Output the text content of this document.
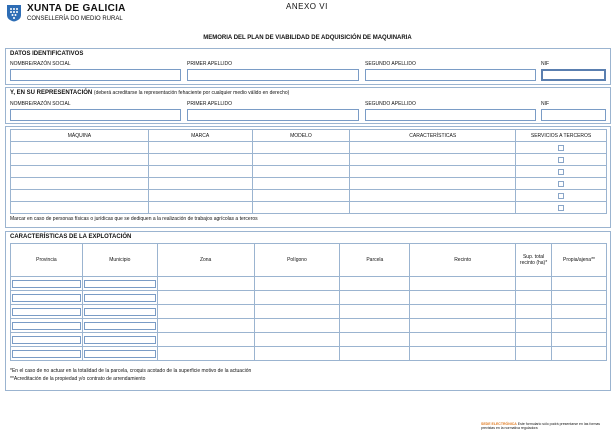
XUNTA DE GALICIA
CONSELLERÍA DO MEDIO RURAL
ANEXO VI
MEMORIA DEL PLAN DE VIABILIDAD DE ADQUISICIÓN DE MAQUINARIA
DATOS IDENTIFICATIVOS
NOMBRE/RAZÓN SOCIAL	PRIMER APELLIDO	SEGUNDO APELLIDO	NIF
Y, EN SU REPRESENTACIÓN (deberá acreditarse la representación fehaciente por cualquier medio válido en derecho)
NOMBRE/RAZÓN SOCIAL	PRIMER APELLIDO	SEGUNDO APELLIDO	NIF
MÁQUINA	MARCA	MODELO	CARACTERÍSTICAS	SERVICIOS A TERCEROS

Marcar en caso de personas físicas o jurídicas que se dediquen a la realización de trabajos agrícolas a terceros
CARACTERÍSTICAS DE LA EXPLOTACIÓN
Provincia	Municipio	Zona	Polígono	Parcela	Recinto	Sup. total recinto (ha)*	Propia/ajena**

*En el caso de no actuar en la totalidad de la parcela, croquis acotado de la superficie motivo de la actuación
**Acreditación de la propiedad y/o contrato de arrendamiento
SEDE ELECTRÓNICA Este formulario sólo podrá presentarse en las formas previstas en la normativa reguladora
